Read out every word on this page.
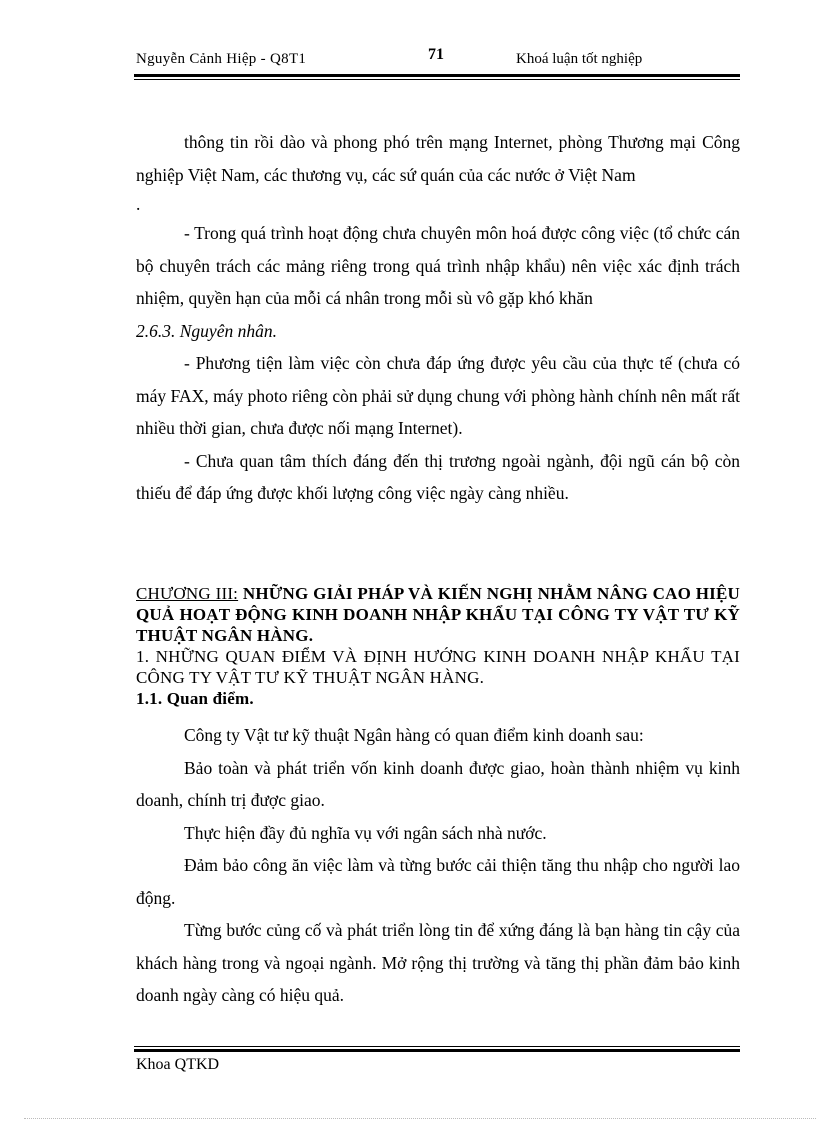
Nguyễn Cảnh Hiệp - Q8T1	71	Khoá luận tốt nghiệp

thông tin rồi dào và phong phó trên mạng Internet, phòng Thương mại Công nghiệp Việt Nam, các thương vụ, các sứ quán của các nước ở Việt Nam

.

- Trong quá trình hoạt động chưa chuyên môn hoá được công việc (tổ chức cán bộ chuyên trách các mảng riêng trong quá trình nhập khẩu) nên việc xác định trách nhiệm, quyền hạn của mỗi cá nhân trong mỗi sù vô gặp khó khăn

2.6.3. Nguyên nhân.

- Phương tiện làm việc còn chưa đáp ứng được yêu cầu của thực tế (chưa có máy FAX, máy photo riêng còn phải sử dụng chung với phòng hành chính nên mất rất nhiều thời gian, chưa được nối mạng Internet).

- Chưa quan tâm thích đáng đến thị trương ngoài ngành, đội ngũ cán bộ còn thiếu để đáp ứng được khối lượng công việc ngày càng nhiều.

CHƯƠNG III: NHỮNG GIẢI PHÁP VÀ KIẾN NGHỊ NHẰM NÂNG CAO HIỆU QUẢ HOẠT ĐỘNG KINH DOANH NHẬP KHẨU TẠI CÔNG TY VẬT TƯ KỸ THUẬT NGÂN HÀNG.

1. NHỮNG QUAN ĐIỂM VÀ ĐỊNH HƯỚNG KINH DOANH NHẬP KHẨU TẠI CÔNG TY VẬT TƯ KỸ THUẬT NGÂN HÀNG.

1.1. Quan điểm.

Công ty Vật tư kỹ thuật Ngân hàng có quan điểm kinh doanh sau:

Bảo toàn và phát triển vốn kinh doanh được giao, hoàn thành nhiệm vụ kinh doanh, chính trị được giao.

Thực hiện đầy đủ nghĩa vụ với ngân sách nhà nước.

Đảm bảo công ăn việc làm và từng bước cải thiện tăng thu nhập cho người lao động.

Từng bước củng cố và phát triển lòng tin để xứng đáng là bạn hàng tin cậy của khách hàng trong và ngoại ngành. Mở rộng thị trường và tăng thị phần đảm bảo kinh doanh ngày càng có hiệu quả.

Khoa QTKD
